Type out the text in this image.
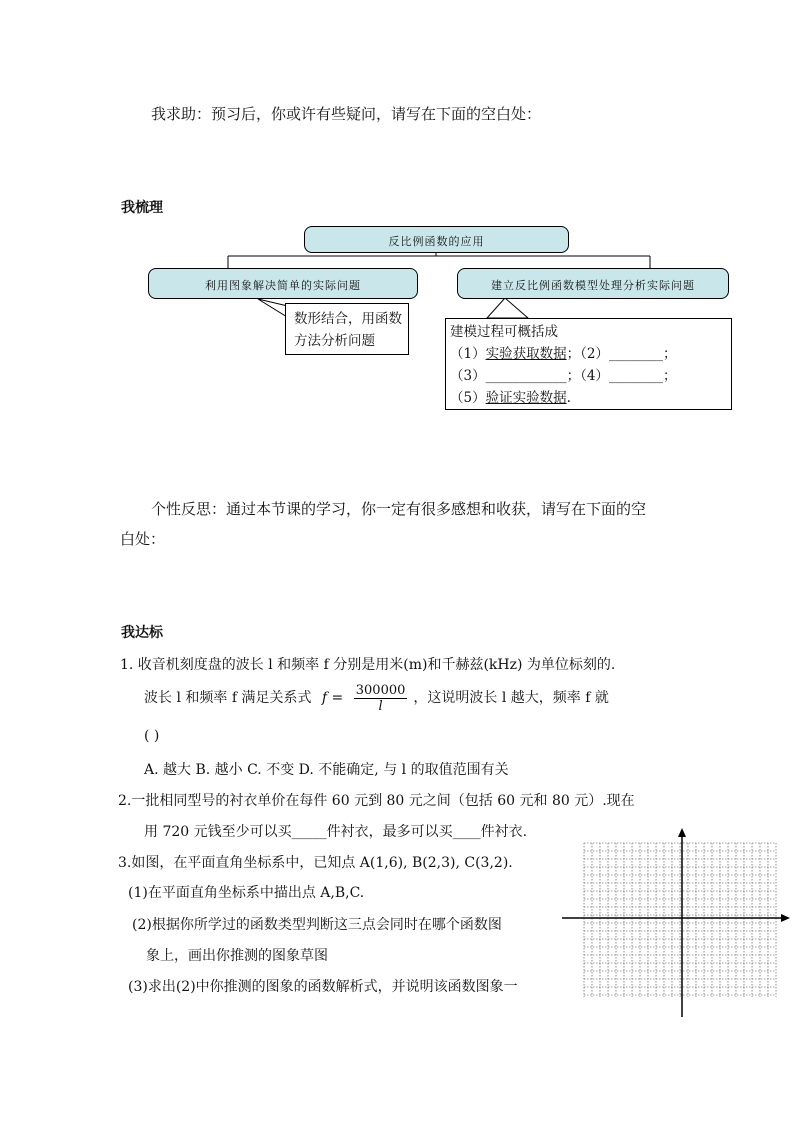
我求助：预习后，你或许有些疑问，请写在下面的空白处：
我梳理
反比例函数的应用
利用图象解决简单的实际问题	建立反比例函数模型处理分析实际问题
数形结合，用函数
方法分析问题
建模过程可概括成
（1）实验获取数据；（2）________；
（3）____________；（4）________；
（5）验证实验数据.
个性反思：通过本节课的学习，你一定有很多感想和收获，请写在下面的空
白处：
我达标
1. 收音机刻度盘的波长 l 和频率 f 分别是用米(m)和千赫兹(kHz) 为单位标刻的.
波长 l 和频率 f 满足关系式 $f = \frac{300000}{l}$ ，这说明波长 l 越大，频率 f 就
( )
A. 越大 B. 越小 C. 不变 D. 不能确定, 与 l 的取值范围有关
2.一批相同型号的衬衣单价在每件 60 元到 80 元之间（包括 60 元和 80 元）.现在
用 720 元钱至少可以买_____件衬衣，最多可以买____件衬衣.
3.如图，在平面直角坐标系中，已知点 A(1,6), B(2,3), C(3,2).
(1)在平面直角坐标系中描出点 A,B,C.
(2)根据你所学过的函数类型判断这三点会同时在哪个函数图
象上，画出你推测的图象草图
(3)求出(2)中你推测的图象的函数解析式，并说明该函数图象一
